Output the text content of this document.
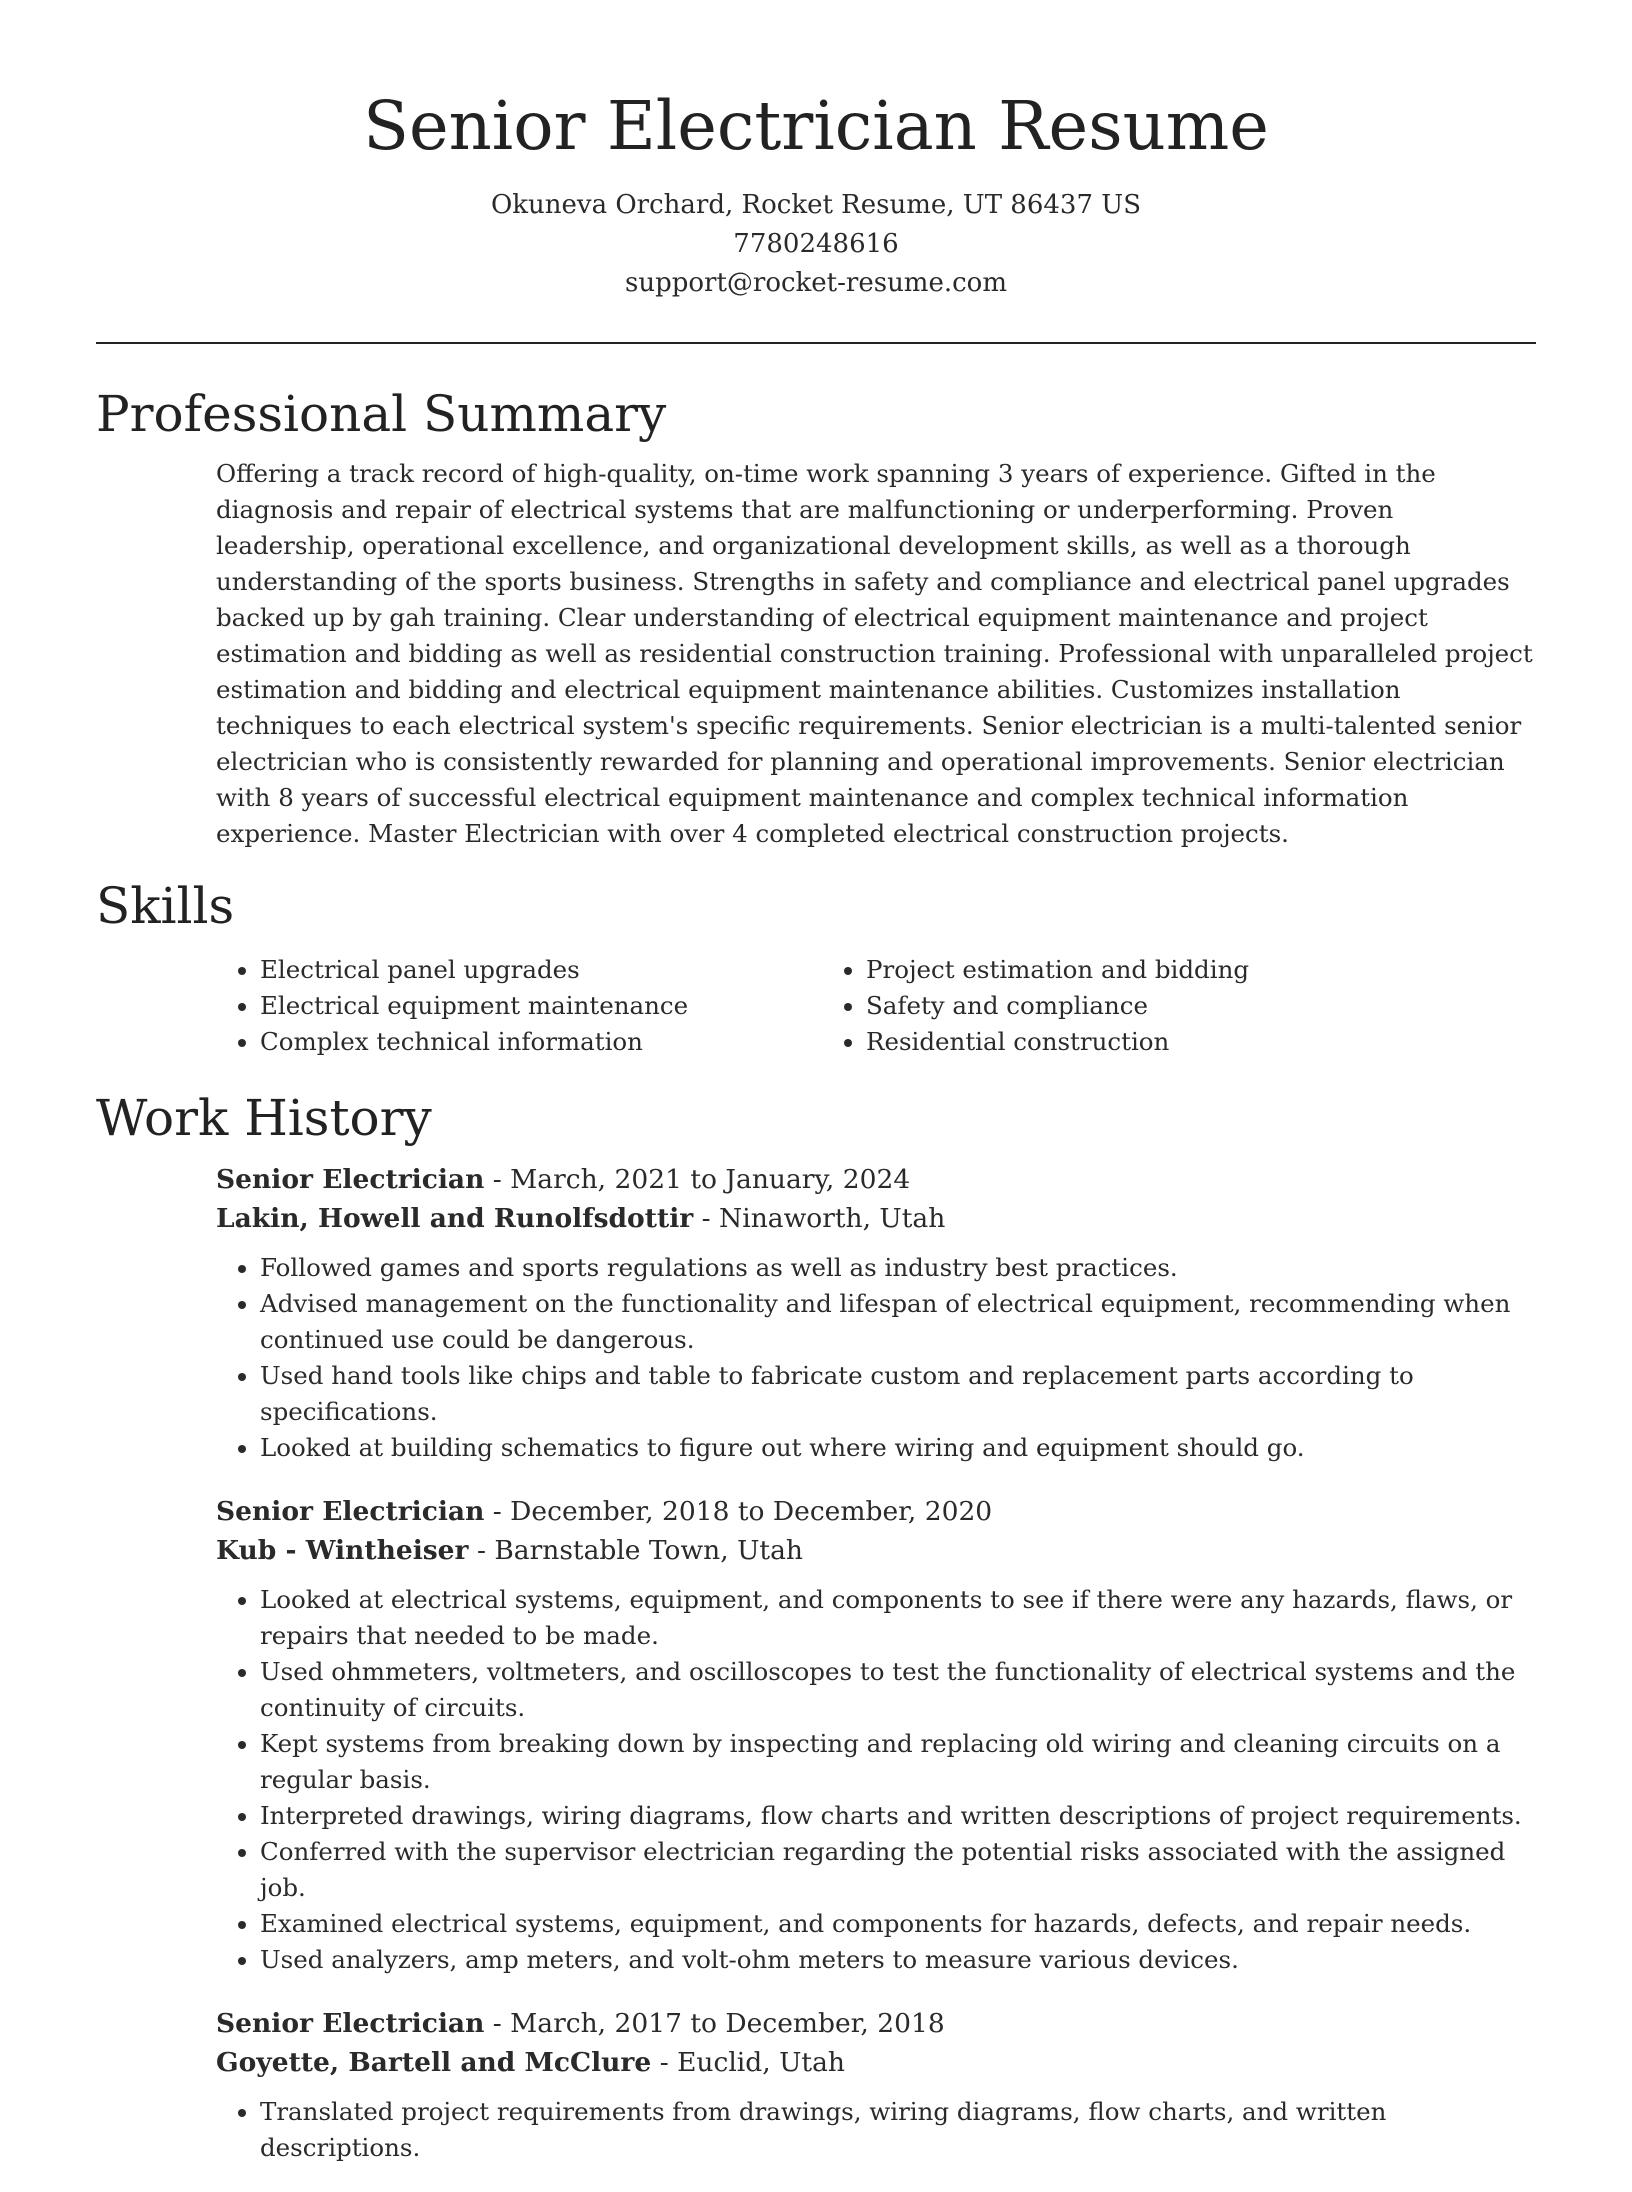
Senior Electrician Resume
Okuneva Orchard, Rocket Resume, UT 86437 US
7780248616
support@rocket-resume.com
Professional Summary

Offering a track record of high-quality, on-time work spanning 3 years of experience. Gifted in the diagnosis and repair of electrical systems that are malfunctioning or underperforming. Proven leadership, operational excellence, and organizational development skills, as well as a thorough understanding of the sports business. Strengths in safety and compliance and electrical panel upgrades backed up by gah training. Clear understanding of electrical equipment maintenance and project estimation and bidding as well as residential construction training. Professional with unparalleled project estimation and bidding and electrical equipment maintenance abilities. Customizes installation techniques to each electrical system's specific requirements. Senior electrician is a multi-talented senior electrician who is consistently rewarded for planning and operational improvements. Senior electrician with 8 years of successful electrical equipment maintenance and complex technical information experience. Master Electrician with over 4 completed electrical construction projects.

Skills
• Electrical panel upgrades
• Electrical equipment maintenance
• Complex technical information
• Project estimation and bidding
• Safety and compliance
• Residential construction
Work History
Senior Electrician - March, 2021 to January, 2024
Lakin, Howell and Runolfsdottir - Ninaworth, Utah
• Followed games and sports regulations as well as industry best practices.
• Advised management on the functionality and lifespan of electrical equipment, recommending when continued use could be dangerous.
• Used hand tools like chips and table to fabricate custom and replacement parts according to specifications.
• Looked at building schematics to figure out where wiring and equipment should go.
Senior Electrician - December, 2018 to December, 2020
Kub - Wintheiser - Barnstable Town, Utah
• Looked at electrical systems, equipment, and components to see if there were any hazards, flaws, or repairs that needed to be made.
• Used ohmmeters, voltmeters, and oscilloscopes to test the functionality of electrical systems and the continuity of circuits.
• Kept systems from breaking down by inspecting and replacing old wiring and cleaning circuits on a regular basis.
• Interpreted drawings, wiring diagrams, flow charts and written descriptions of project requirements.
• Conferred with the supervisor electrician regarding the potential risks associated with the assigned job.
• Examined electrical systems, equipment, and components for hazards, defects, and repair needs.
• Used analyzers, amp meters, and volt-ohm meters to measure various devices.
Senior Electrician - March, 2017 to December, 2018
Goyette, Bartell and McClure - Euclid, Utah
• Translated project requirements from drawings, wiring diagrams, flow charts, and written descriptions.
